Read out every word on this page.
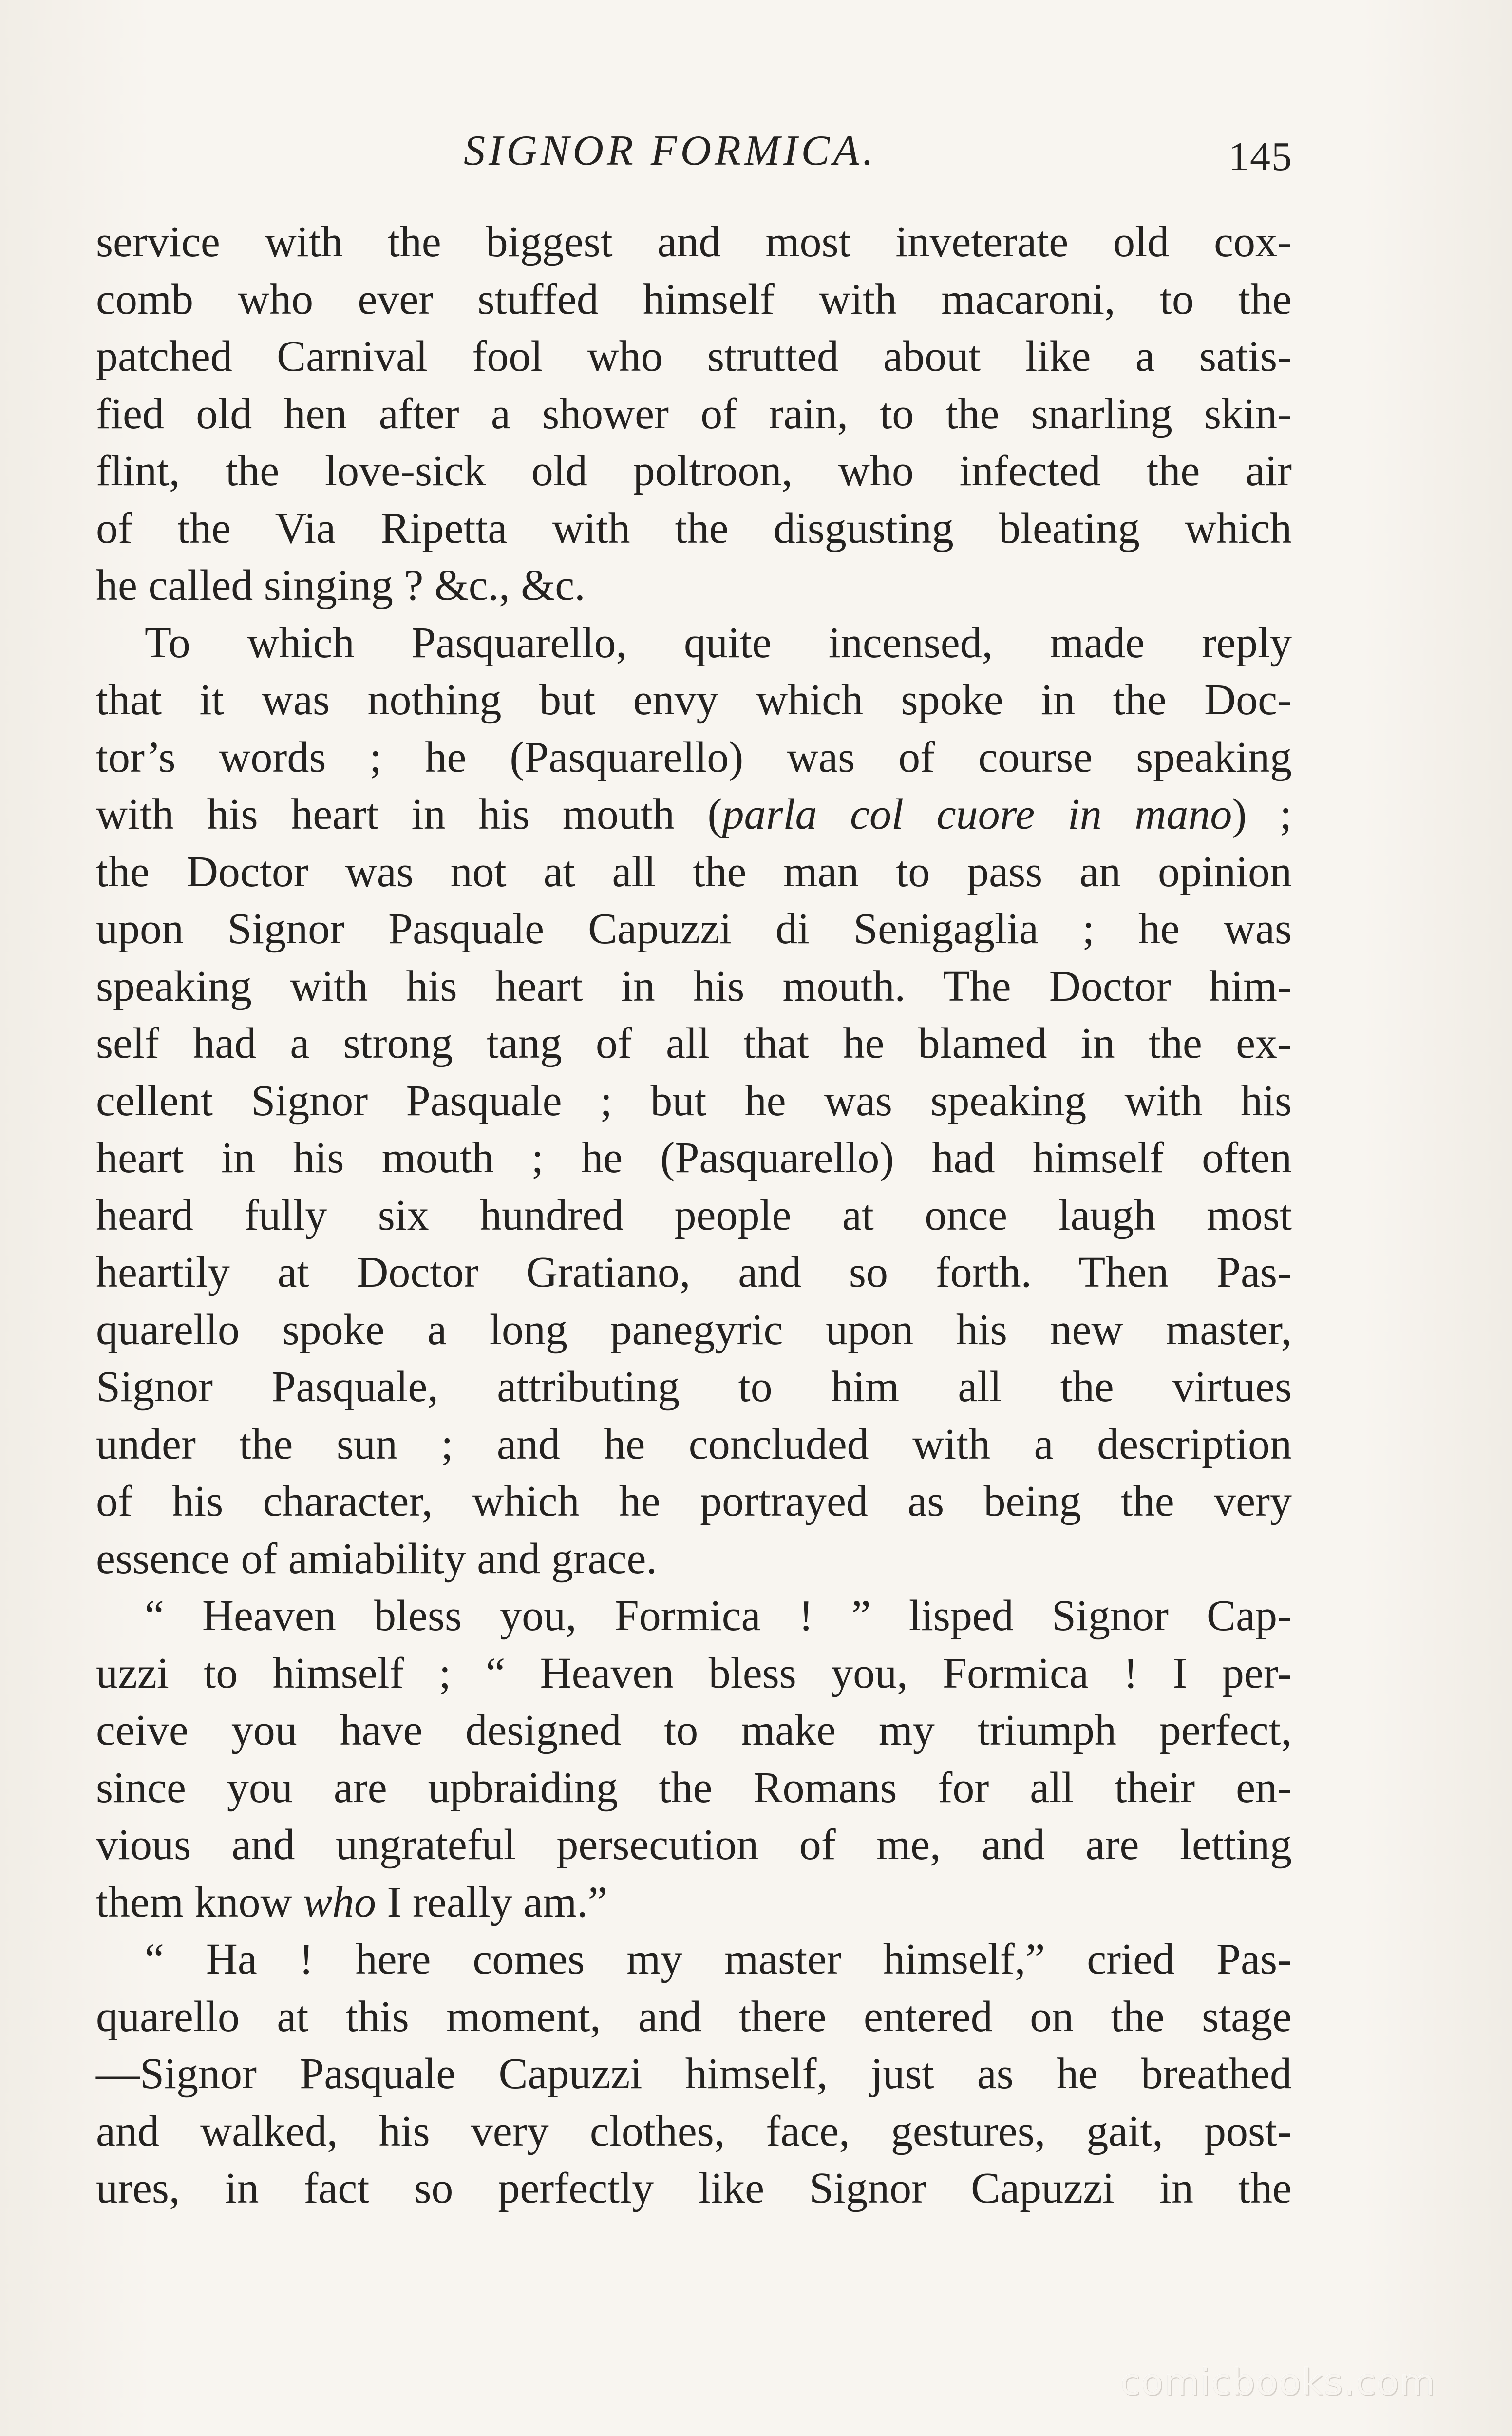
SIGNOR FORMICA.	145
service with the biggest and most inveterate old cox-
comb who ever stuffed himself with macaroni, to the
patched Carnival fool who strutted about like a satis-
fied old hen after a shower of rain, to the snarling skin-
flint, the love-sick old poltroon, who infected the air
of the Via Ripetta with the disgusting bleating which
he called singing ? &c., &c.
To which Pasquarello, quite incensed, made reply
that it was nothing but envy which spoke in the Doc-
tor’s words ; he (Pasquarello) was of course speaking
with his heart in his mouth (parla col cuore in mano) ;
the Doctor was not at all the man to pass an opinion
upon Signor Pasquale Capuzzi di Senigaglia ; he was
speaking with his heart in his mouth. The Doctor him-
self had a strong tang of all that he blamed in the ex-
cellent Signor Pasquale ; but he was speaking with his
heart in his mouth ; he (Pasquarello) had himself often
heard fully six hundred people at once laugh most
heartily at Doctor Gratiano, and so forth. Then Pas-
quarello spoke a long panegyric upon his new master,
Signor Pasquale, attributing to him all the virtues
under the sun ; and he concluded with a description
of his character, which he portrayed as being the very
essence of amiability and grace.
“ Heaven bless you, Formica ! ” lisped Signor Cap-
uzzi to himself ; “ Heaven bless you, Formica ! I per-
ceive you have designed to make my triumph perfect,
since you are upbraiding the Romans for all their en-
vious and ungrateful persecution of me, and are letting
them know who I really am.”
“ Ha ! here comes my master himself,” cried Pas-
quarello at this moment, and there entered on the stage
—Signor Pasquale Capuzzi himself, just as he breathed
and walked, his very clothes, face, gestures, gait, post-
ures, in fact so perfectly like Signor Capuzzi in the
comicbooks.com
